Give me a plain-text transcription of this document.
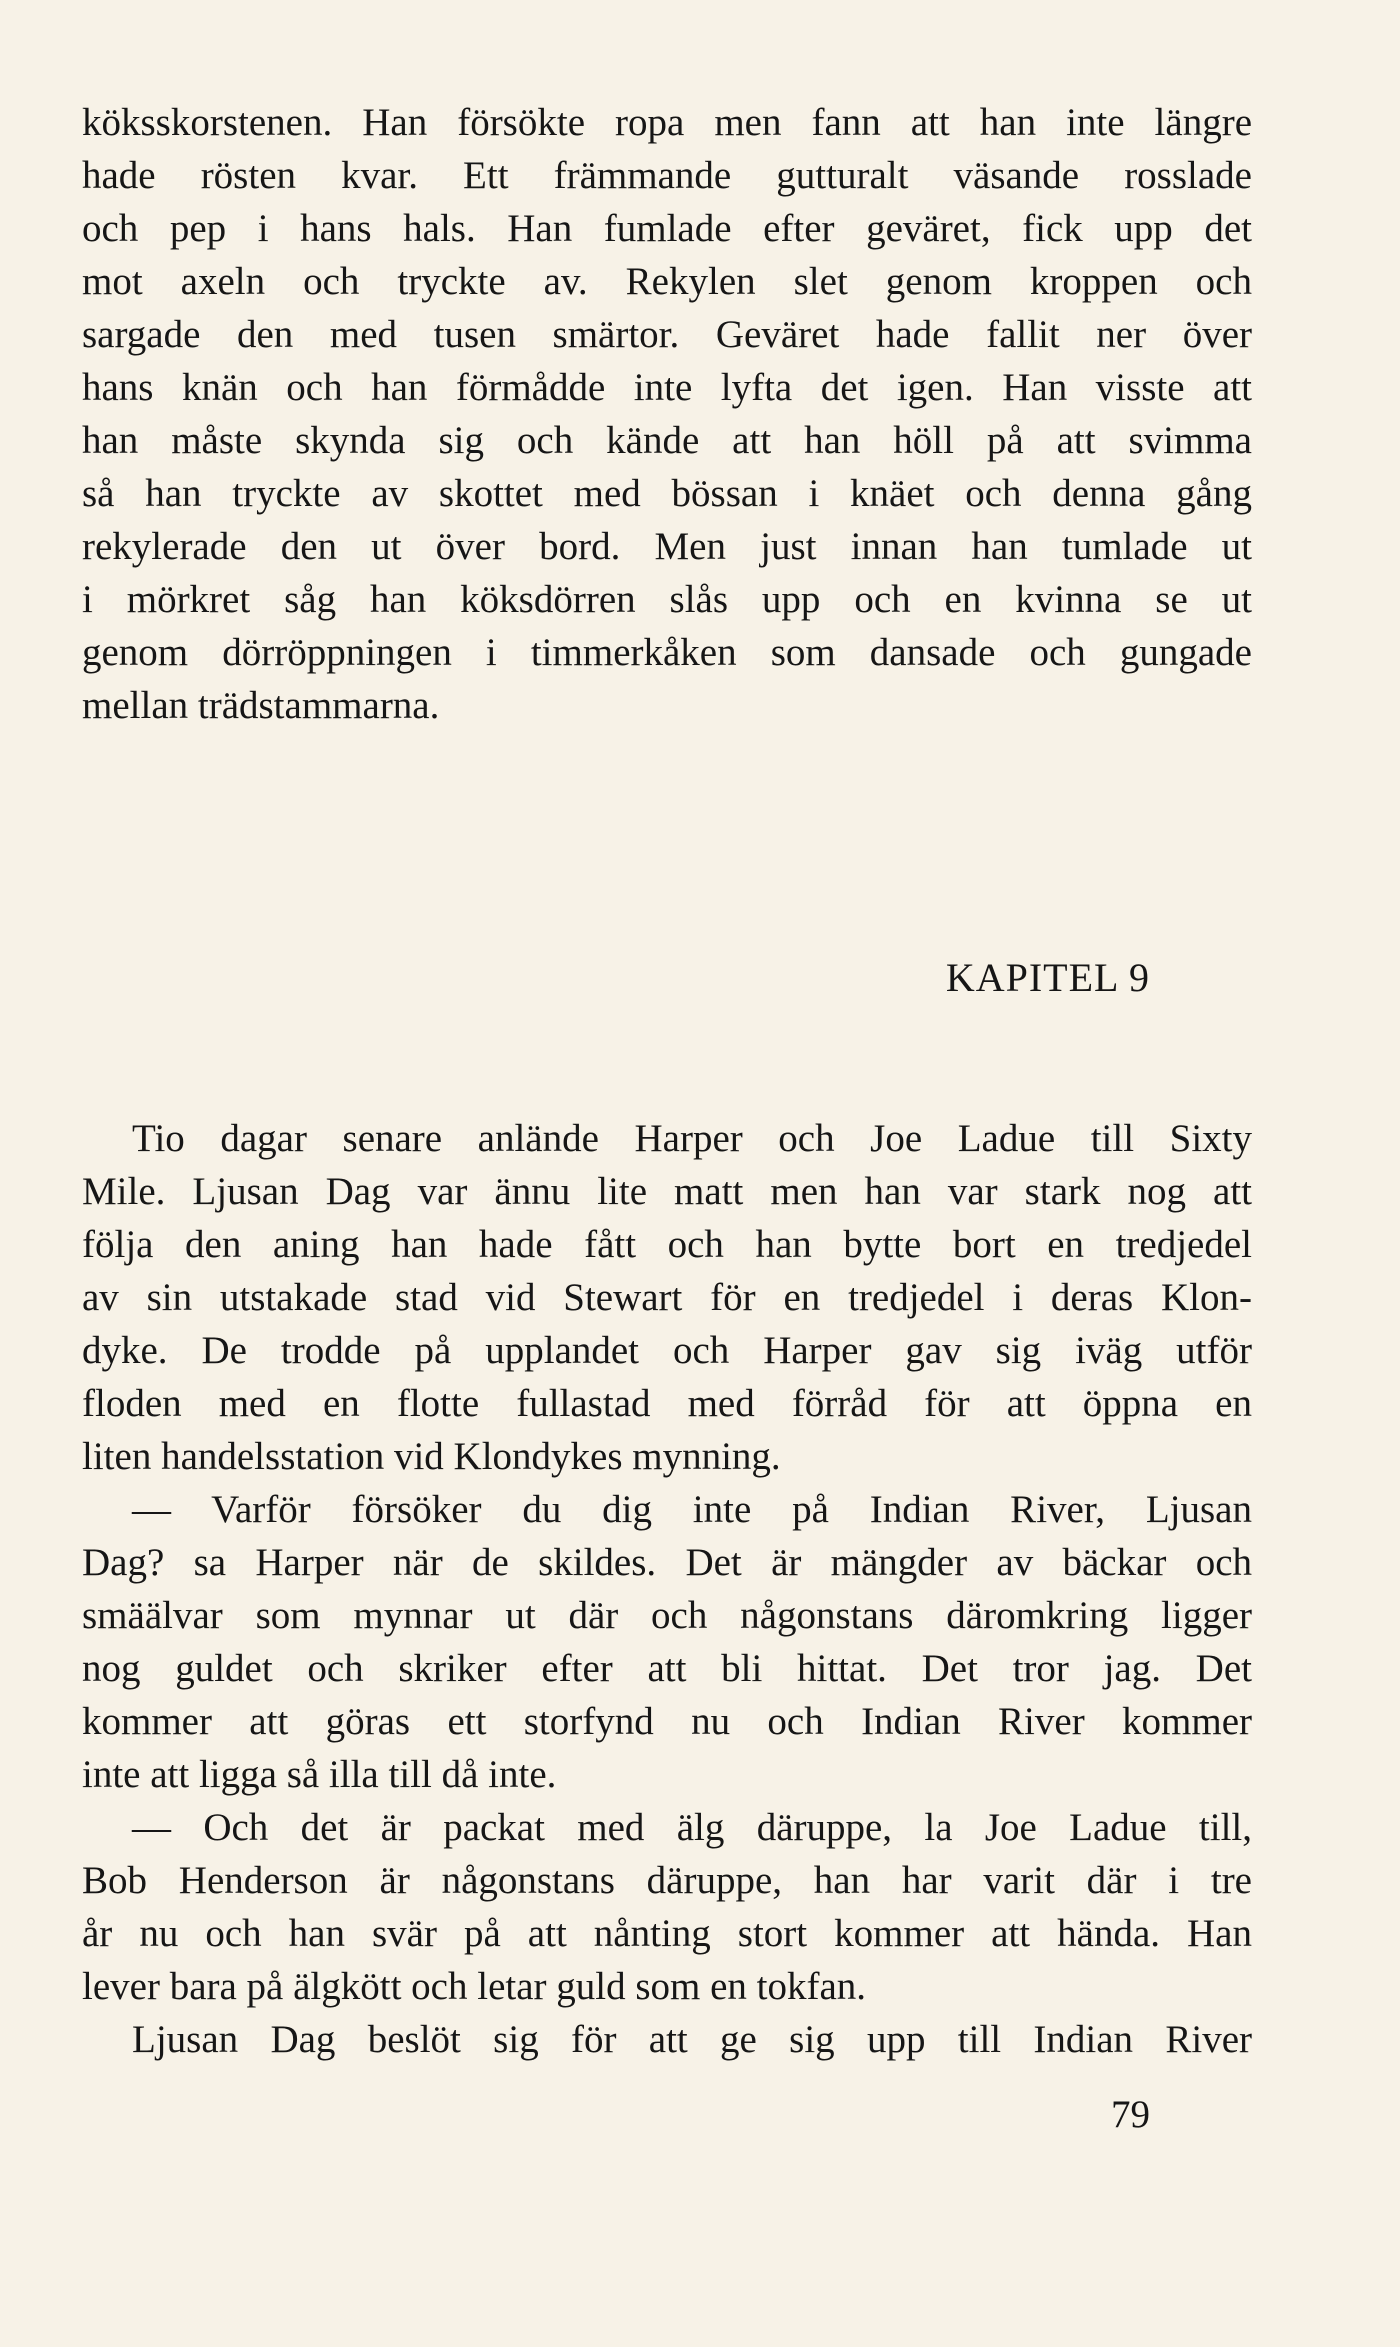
köksskorstenen. Han försökte ropa men fann att han inte längre
hade rösten kvar. Ett främmande gutturalt väsande rosslade
och pep i hans hals. Han fumlade efter geväret, fick upp det
mot axeln och tryckte av. Rekylen slet genom kroppen och
sargade den med tusen smärtor. Geväret hade fallit ner över
hans knän och han förmådde inte lyfta det igen. Han visste att
han måste skynda sig och kände att han höll på att svimma
så han tryckte av skottet med bössan i knäet och denna gång
rekylerade den ut över bord. Men just innan han tumlade ut
i mörkret såg han köksdörren slås upp och en kvinna se ut
genom dörröppningen i timmerkåken som dansade och gungade
mellan trädstammarna.
KAPITEL 9
Tio dagar senare anlände Harper och Joe Ladue till Sixty
Mile. Ljusan Dag var ännu lite matt men han var stark nog att
följa den aning han hade fått och han bytte bort en tredjedel
av sin utstakade stad vid Stewart för en tredjedel i deras Klon-
dyke. De trodde på upplandet och Harper gav sig iväg utför
floden med en flotte fullastad med förråd för att öppna en
liten handelsstation vid Klondykes mynning.
— Varför försöker du dig inte på Indian River, Ljusan
Dag? sa Harper när de skildes. Det är mängder av bäckar och
smäälvar som mynnar ut där och någonstans däromkring ligger
nog guldet och skriker efter att bli hittat. Det tror jag. Det
kommer att göras ett storfynd nu och Indian River kommer
inte att ligga så illa till då inte.
— Och det är packat med älg däruppe, la Joe Ladue till,
Bob Henderson är någonstans däruppe, han har varit där i tre
år nu och han svär på att nånting stort kommer att hända. Han
lever bara på älgkött och letar guld som en tokfan.
Ljusan Dag beslöt sig för att ge sig upp till Indian River
79
